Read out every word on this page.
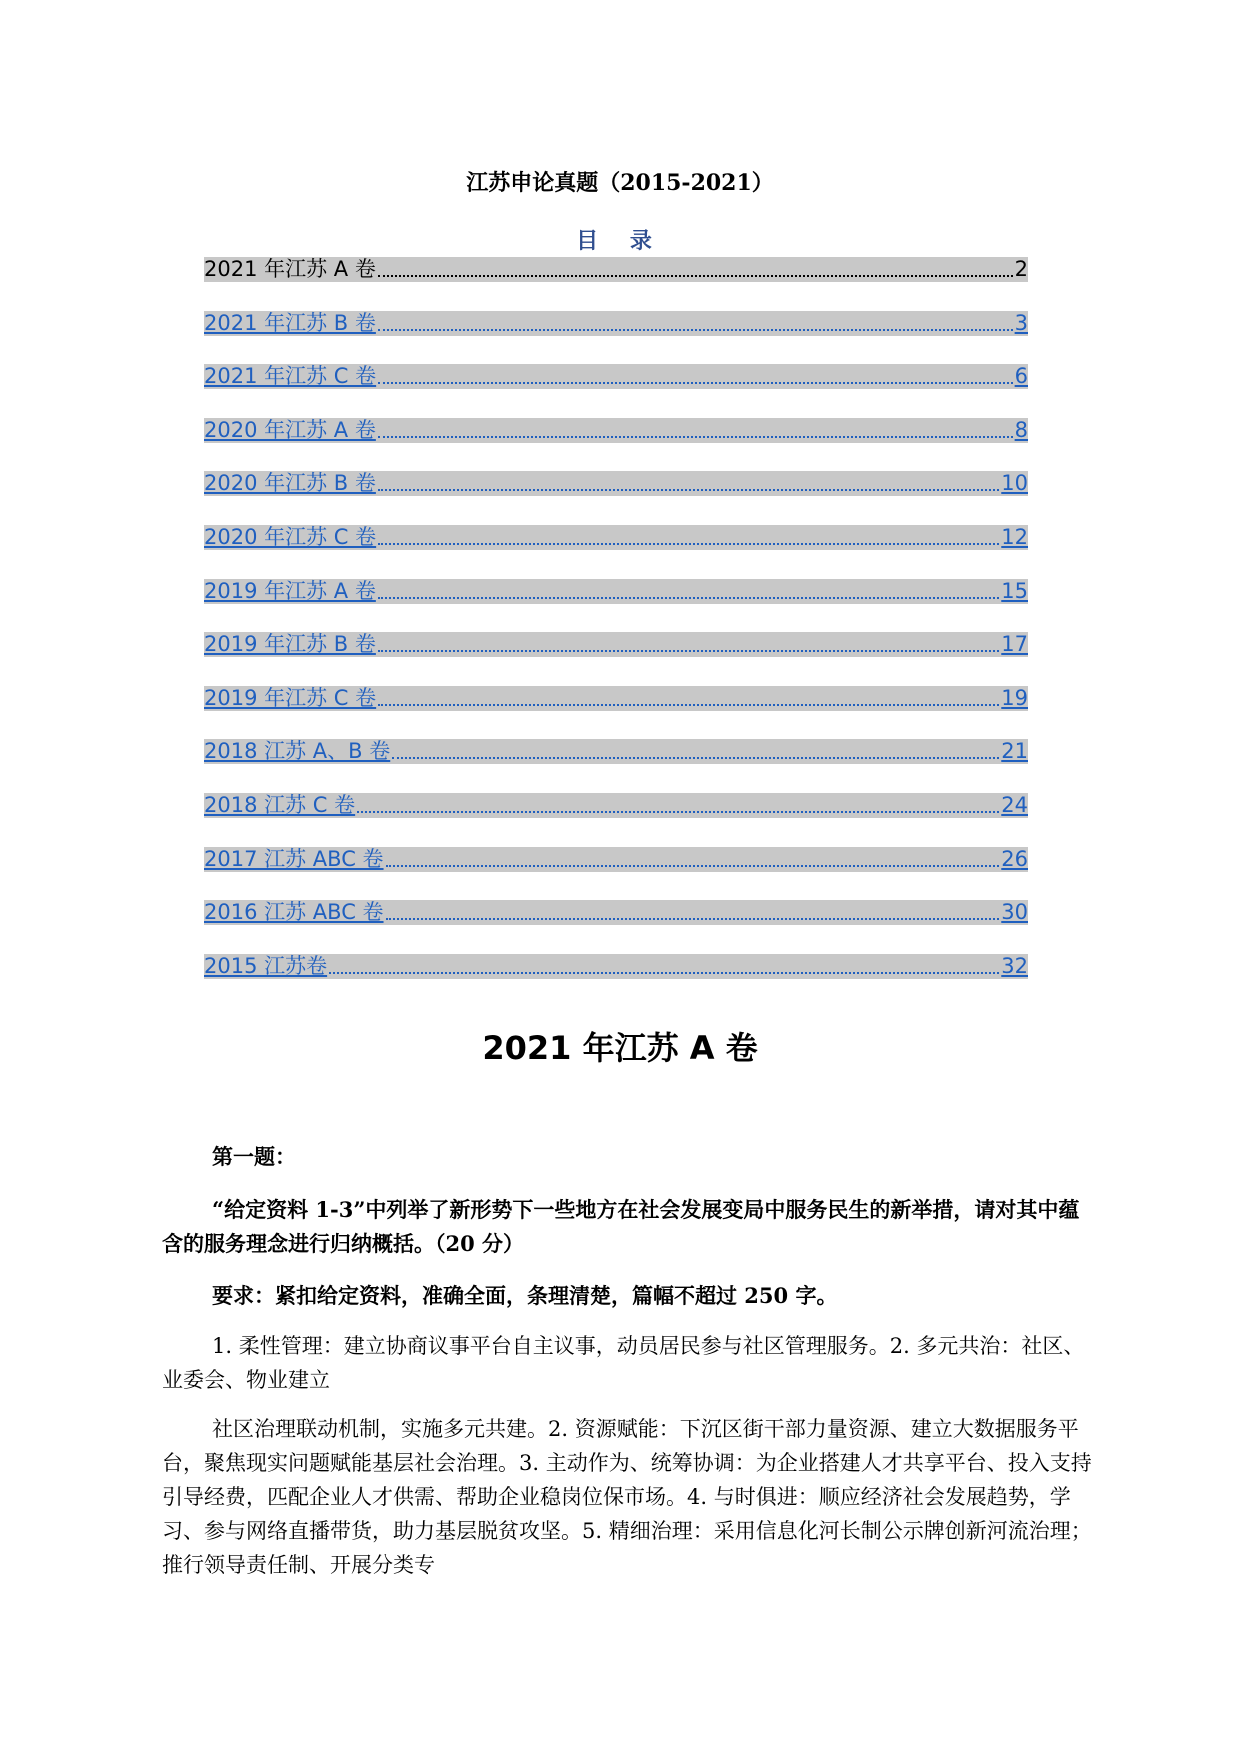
江苏申论真题（2015-2021）
目 录
2021 年江苏 A 卷	2
2021 年江苏 B 卷	3
2021 年江苏 C 卷	6
2020 年江苏 A 卷	8
2020 年江苏 B 卷	10
2020 年江苏 C 卷	12
2019 年江苏 A 卷	15
2019 年江苏 B 卷	17
2019 年江苏 C 卷	19
2018 江苏 A、B 卷	21
2018 江苏 C 卷	24
2017 江苏 ABC 卷	26
2016 江苏 ABC 卷	30
2015 江苏卷	32
2021 年江苏 A 卷
第一题：
“给定资料 1-3”中列举了新形势下一些地方在社会发展变局中服务民生的新举措，请对其中蕴含的服务理念进行归纳概括。（20 分）
要求：紧扣给定资料，准确全面，条理清楚，篇幅不超过 250 字。
1. 柔性管理：建立协商议事平台自主议事，动员居民参与社区管理服务。2. 多元共治：社区、业委会、物业建立
社区治理联动机制，实施多元共建。2. 资源赋能：下沉区街干部力量资源、建立大数据服务平台，聚焦现实问题赋能基层社会治理。3. 主动作为、统筹协调：为企业搭建人才共享平台、投入支持引导经费，匹配企业人才供需、帮助企业稳岗位保市场。4. 与时俱进：顺应经济社会发展趋势，学习、参与网络直播带货，助力基层脱贫攻坚。5. 精细治理：采用信息化河长制公示牌创新河流治理；推行领导责任制、开展分类专
